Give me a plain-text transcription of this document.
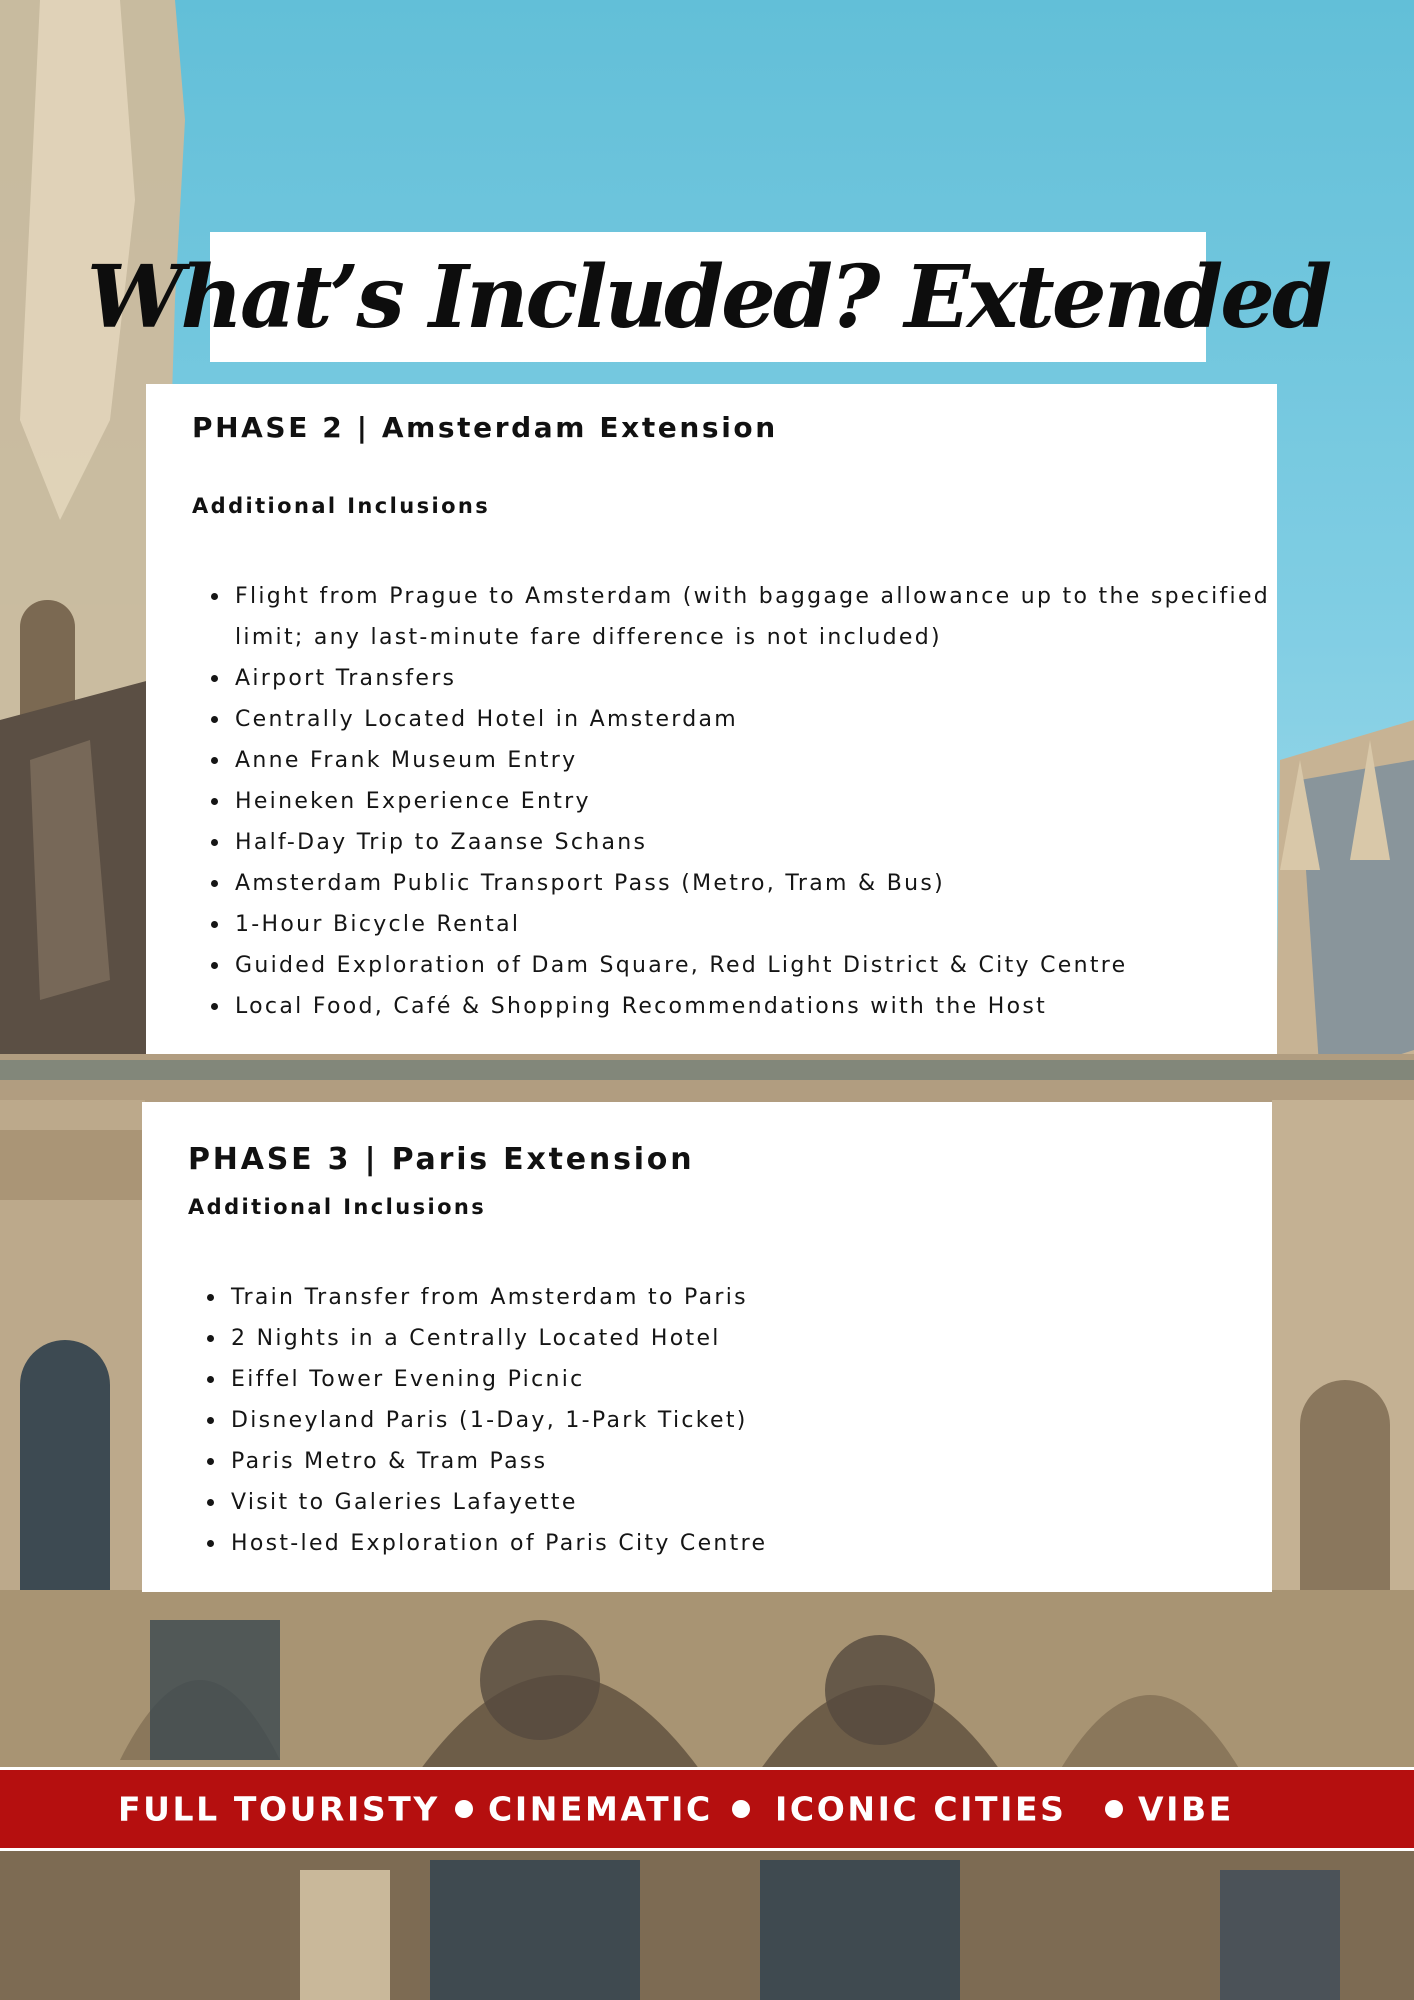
What’s Included? Extended
PHASE 2 | Amsterdam Extension
Additional Inclusions
Flight from Prague to Amsterdam (with baggage allowance up to the specified limit; any last-minute fare difference is not included)
Airport Transfers
Centrally Located Hotel in Amsterdam
Anne Frank Museum Entry
Heineken Experience Entry
Half-Day Trip to Zaanse Schans
Amsterdam Public Transport Pass (Metro, Tram & Bus)
1-Hour Bicycle Rental
Guided Exploration of Dam Square, Red Light District & City Centre
Local Food, Café & Shopping Recommendations with the Host
PHASE 3 | Paris Extension
Additional Inclusions
Train Transfer from Amsterdam to Paris
2 Nights in a Centrally Located Hotel
Eiffel Tower Evening Picnic
Disneyland Paris (1-Day, 1-Park Ticket)
Paris Metro & Tram Pass
Visit to Galeries Lafayette
Host-led Exploration of Paris City Centre
FULL TOURISTY CINEMATIC ICONIC CITIES VIBE
